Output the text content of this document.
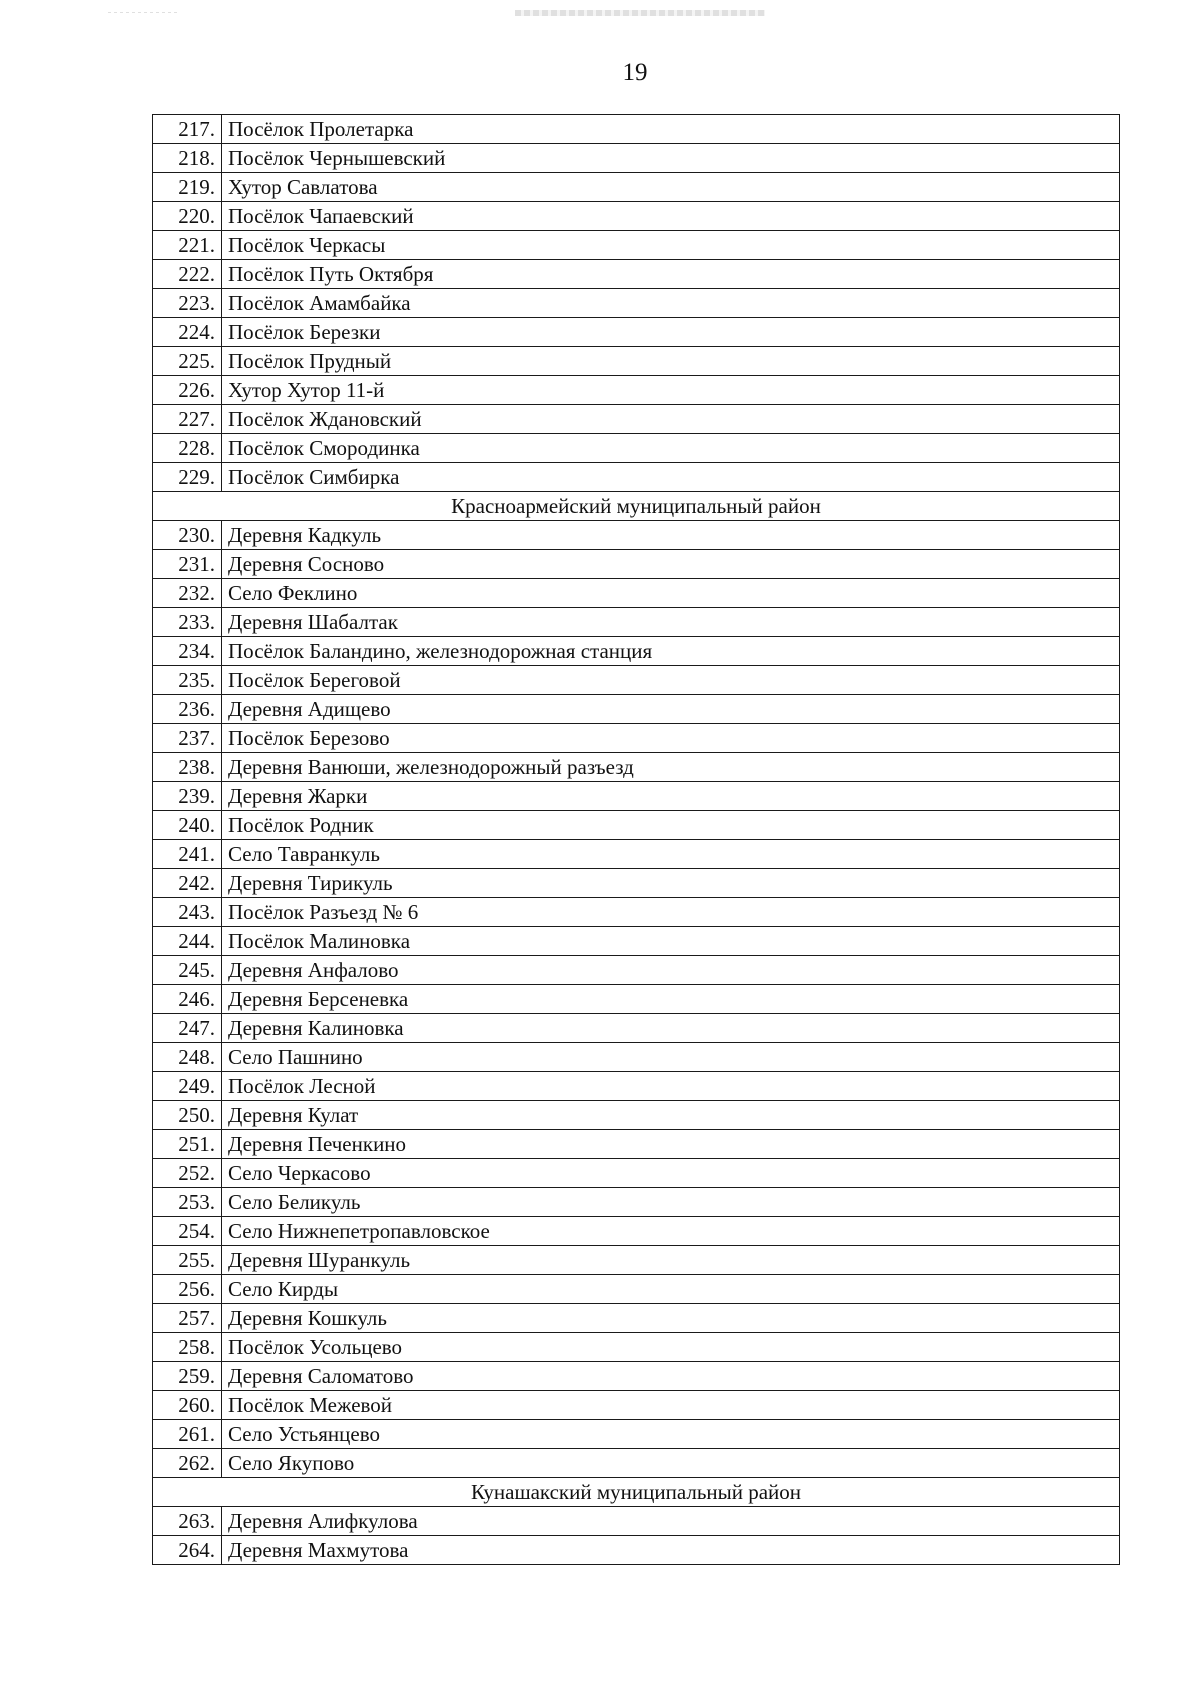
19
217.	Посёлок Пролетарка
218.	Посёлок Чернышевский
219.	Хутор Савлатова
220.	Посёлок Чапаевский
221.	Посёлок Черкасы
222.	Посёлок Путь Октября
223.	Посёлок Амамбайка
224.	Посёлок Березки
225.	Посёлок Прудный
226.	Хутор Хутор 11-й
227.	Посёлок Ждановский
228.	Посёлок Смородинка
229.	Посёлок Симбирка
Красноармейский муниципальный район	
230.	Деревня Кадкуль
231.	Деревня Сосново
232.	Село Феклино
233.	Деревня Шабалтак
234.	Посёлок Баландино, железнодорожная станция
235.	Посёлок Береговой
236.	Деревня Адищево
237.	Посёлок Березово
238.	Деревня Ванюши, железнодорожный разъезд
239.	Деревня Жарки
240.	Посёлок Родник
241.	Село Таврaнкуль
242.	Деревня Тирикуль
243.	Посёлок Разъезд № 6
244.	Посёлок Малиновка
245.	Деревня Анфалово
246.	Деревня Берсеневка
247.	Деревня Калиновка
248.	Село Пашнино
249.	Посёлок Лесной
250.	Деревня Кулат
251.	Деревня Печенкино
252.	Село Черкасово
253.	Село Беликуль
254.	Село Нижнепетропавловское
255.	Деревня Шуранкуль
256.	Село Кирды
257.	Деревня Кошкуль
258.	Посёлок Усольцево
259.	Деревня Саломатово
260.	Посёлок Межевой
261.	Село Устьянцево
262.	Село Якупово
Кунашакский муниципальный район	
263.	Деревня Алифкулова
264.	Деревня Махмутова
